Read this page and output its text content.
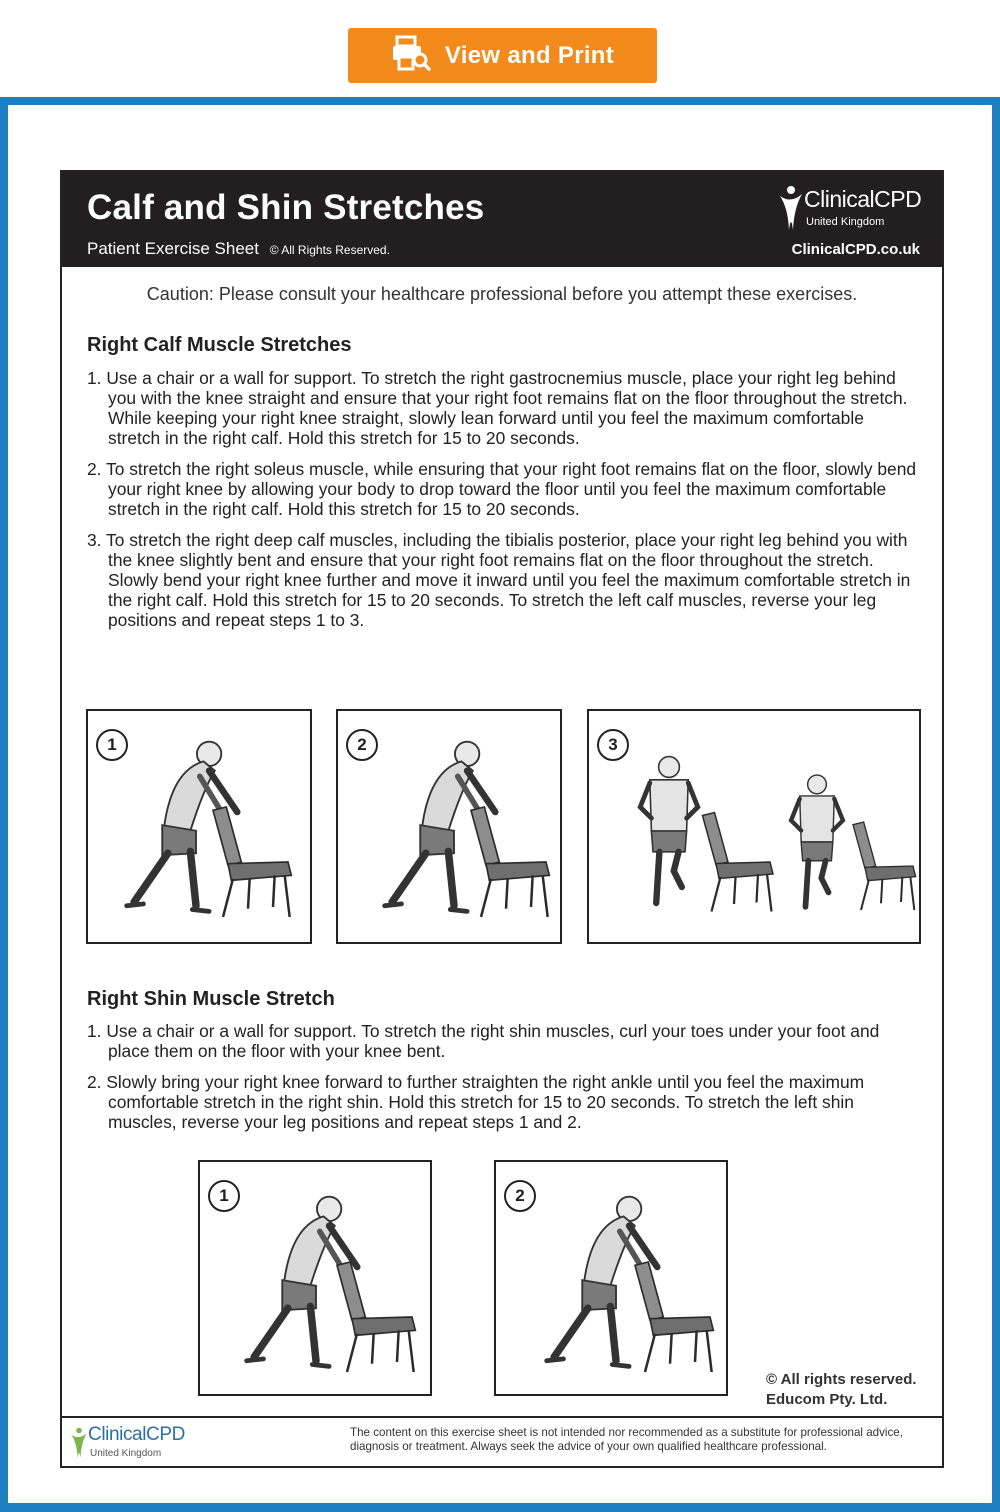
View and Print
Calf and Shin Stretches
Patient Exercise Sheet © All Rights Reserved.
ClinicalCPD
United Kingdom
ClinicalCPD.co.uk
Caution: Please consult your healthcare professional before you attempt these exercises.
Right Calf Muscle Stretches
1. Use a chair or a wall for support. To stretch the right gastrocnemius muscle, place your right leg behind you with the knee straight and ensure that your right foot remains flat on the floor throughout the stretch. While keeping your right knee straight, slowly lean forward until you feel the maximum comfortable stretch in the right calf. Hold this stretch for 15 to 20 seconds.
2. To stretch the right soleus muscle, while ensuring that your right foot remains flat on the floor, slowly bend your right knee by allowing your body to drop toward the floor until you feel the maximum comfortable stretch in the right calf. Hold this stretch for 15 to 20 seconds.
3. To stretch the right deep calf muscles, including the tibialis posterior, place your right leg behind you with the knee slightly bent and ensure that your right foot remains flat on the floor throughout the stretch. Slowly bend your right knee further and move it inward until you feel the maximum comfortable stretch in the right calf. Hold this stretch for 15 to 20 seconds. To stretch the left calf muscles, reverse your leg positions and repeat steps 1 to 3.
1	2	3
Right Shin Muscle Stretch
1. Use a chair or a wall for support. To stretch the right shin muscles, curl your toes under your foot and place them on the floor with your knee bent.
2. Slowly bring your right knee forward to further straighten the right ankle until you feel the maximum comfortable stretch in the right shin. Hold this stretch for 15 to 20 seconds. To stretch the left shin muscles, reverse your leg positions and repeat steps 1 and 2.
1	2
© All rights reserved.
Educom Pty. Ltd.
ClinicalCPD
United Kingdom
The content on this exercise sheet is not intended nor recommended as a substitute for professional advice, diagnosis or treatment. Always seek the advice of your own qualified healthcare professional.
